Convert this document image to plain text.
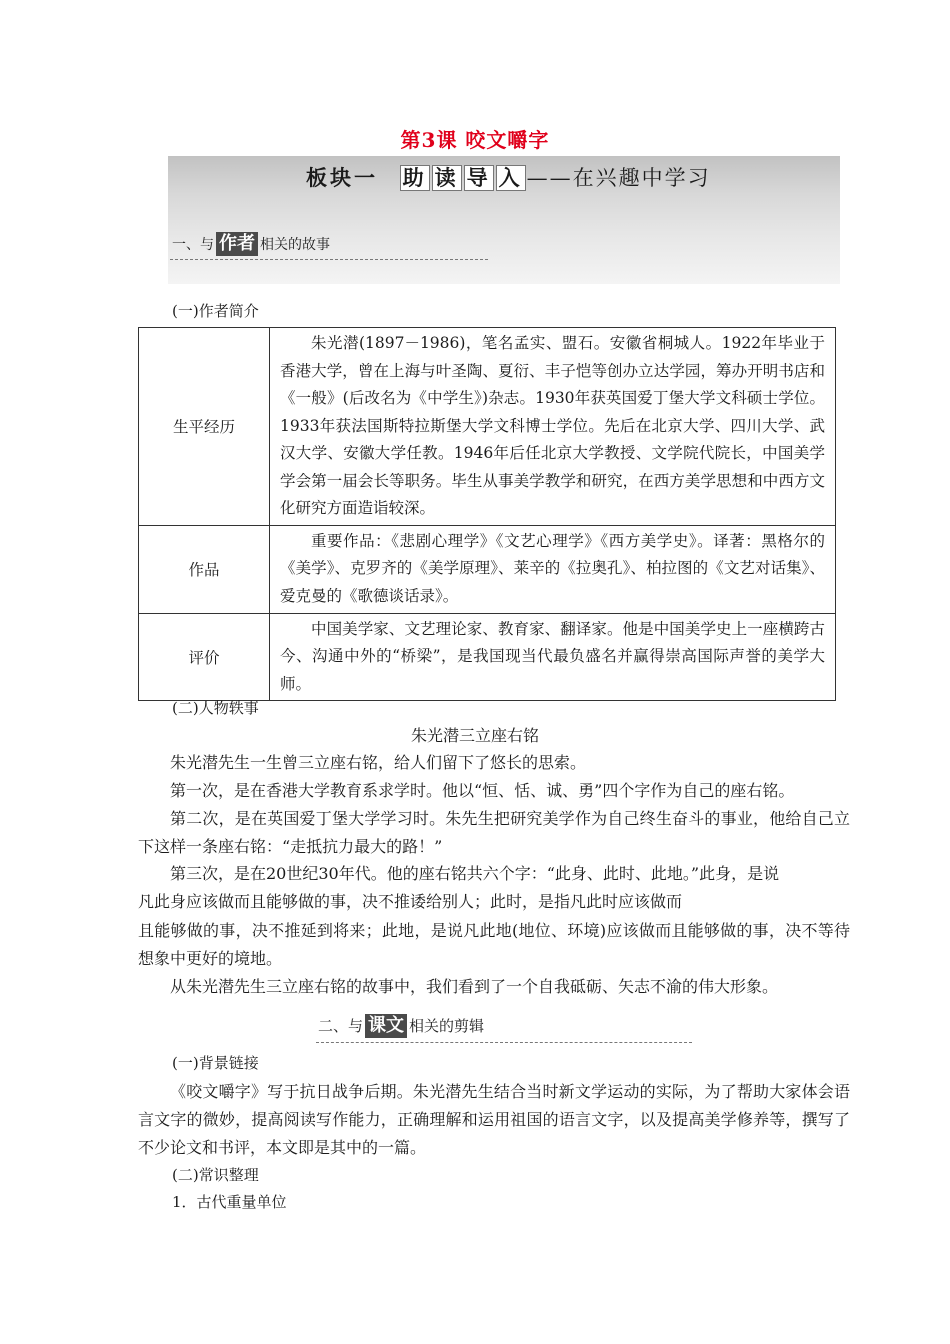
第3课 咬文嚼字
板块一 助 读 导 入 ——在兴趣中学习
一、与 作者 相关的故事
(一)作者简介
生平经历	朱光潜(1897－1986)，笔名孟实、盟石。安徽省桐城人。1922年毕业于香港大学，曾在上海与叶圣陶、夏衍、丰子恺等创办立达学园，筹办开明书店和《一般》(后改名为《中学生》)杂志。1930年获英国爱丁堡大学文科硕士学位。1933年获法国斯特拉斯堡大学文科博士学位。先后在北京大学、四川大学、武汉大学、安徽大学任教。1946年后任北京大学教授、文学院代院长，中国美学学会第一届会长等职务。毕生从事美学教学和研究，在西方美学思想和中西方文化研究方面造诣较深。
作品	重要作品：《悲剧心理学》《文艺心理学》《西方美学史》。译著：黑格尔的《美学》、克罗齐的《美学原理》、莱辛的《拉奥孔》、柏拉图的《文艺对话集》、爱克曼的《歌德谈话录》。
评价	中国美学家、文艺理论家、教育家、翻译家。他是中国美学史上一座横跨古今、沟通中外的“桥梁”，是我国现当代最负盛名并赢得崇高国际声誉的美学大师。
(二)人物轶事
朱光潜三立座右铭

朱光潜先生一生曾三立座右铭，给人们留下了悠长的思索。

第一次，是在香港大学教育系求学时。他以“恒、恬、诚、勇”四个字作为自己的座右铭。

第二次，是在英国爱丁堡大学学习时。朱先生把研究美学作为自己终生奋斗的事业，他给自己立下这样一条座右铭：“走抵抗力最大的路！”

第三次，是在20世纪30年代。他的座右铭共六个字：“此身、此时、此地。”此身，是说
凡此身应该做而且能够做的事，决不推诿给别人；此时，是指凡此时应该做而

且能够做的事，决不推延到将来；此地，是说凡此地(地位、环境)应该做而且能够做的事，决不等待想象中更好的境地。

从朱光潜先生三立座右铭的故事中，我们看到了一个自我砥砺、矢志不渝的伟大形象。

二、与 课文 相关的剪辑
(一)背景链接

《咬文嚼字》写于抗日战争后期。朱光潜先生结合当时新文学运动的实际，为了帮助大家体会语言文字的微妙，提高阅读写作能力，正确理解和运用祖国的语言文字，以及提高美学修养等，撰写了不少论文和书评，本文即是其中的一篇。

(二)常识整理
1．古代重量单位
